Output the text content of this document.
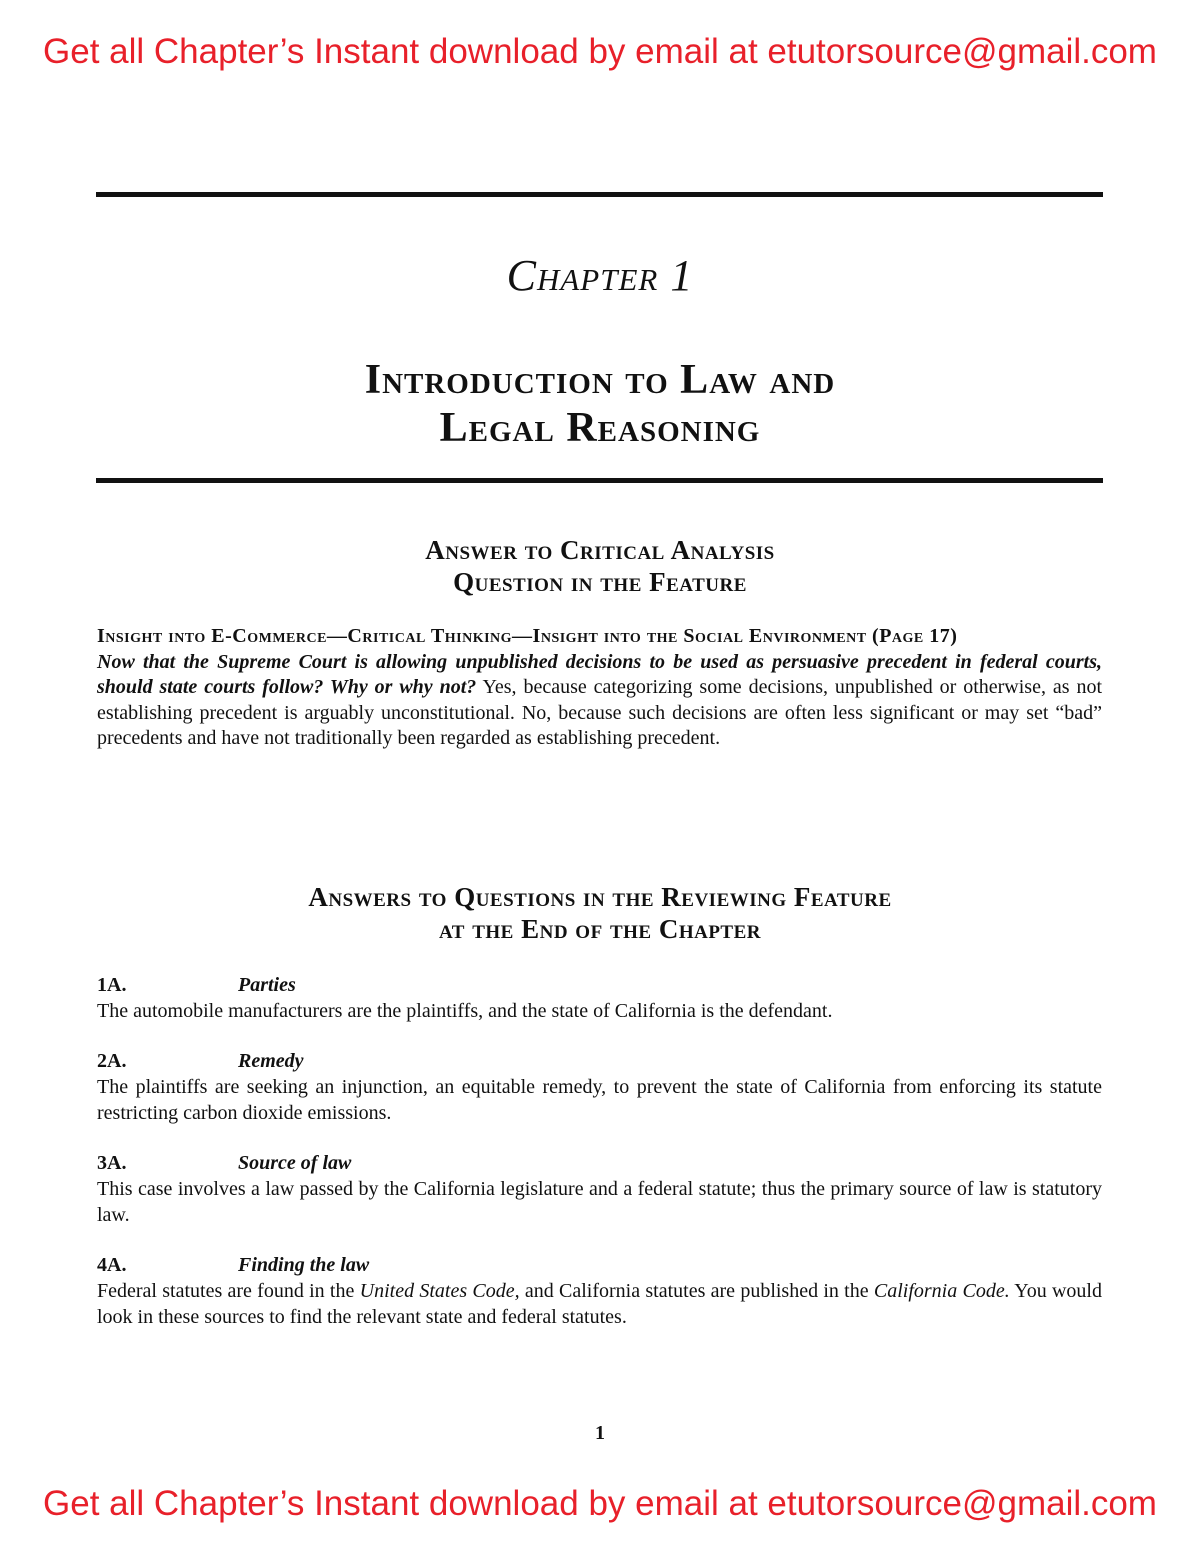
Get all Chapter’s Instant download by email at etutorsource@gmail.com
Chapter 1
Introduction to Law and
Legal Reasoning
Answer to Critical Analysis
Question in the Feature
Insight into E-Commerce—Critical Thinking—Insight into the Social Environment (Page 17)
Now that the Supreme Court is allowing unpublished decisions to be used as persuasive precedent in federal courts, should state courts follow? Why or why not? Yes, because categorizing some decisions, unpublished or otherwise, as not establishing precedent is arguably unconstitutional. No, because such decisions are often less significant or may set “bad” precedents and have not traditionally been regarded as establishing precedent.
Answers to Questions in the Reviewing Feature
at the End of the Chapter
1A.	Parties
The automobile manufacturers are the plaintiffs, and the state of California is the defendant.
2A.	Remedy
The plaintiffs are seeking an injunction, an equitable remedy, to prevent the state of California from enforcing its statute restricting carbon dioxide emissions.
3A.	Source of law
This case involves a law passed by the California legislature and a federal statute; thus the primary source of law is statutory law.
4A.	Finding the law
Federal statutes are found in the United States Code, and California statutes are published in the California Code. You would look in these sources to find the relevant state and federal statutes.
1
Get all Chapter’s Instant download by email at etutorsource@gmail.com
